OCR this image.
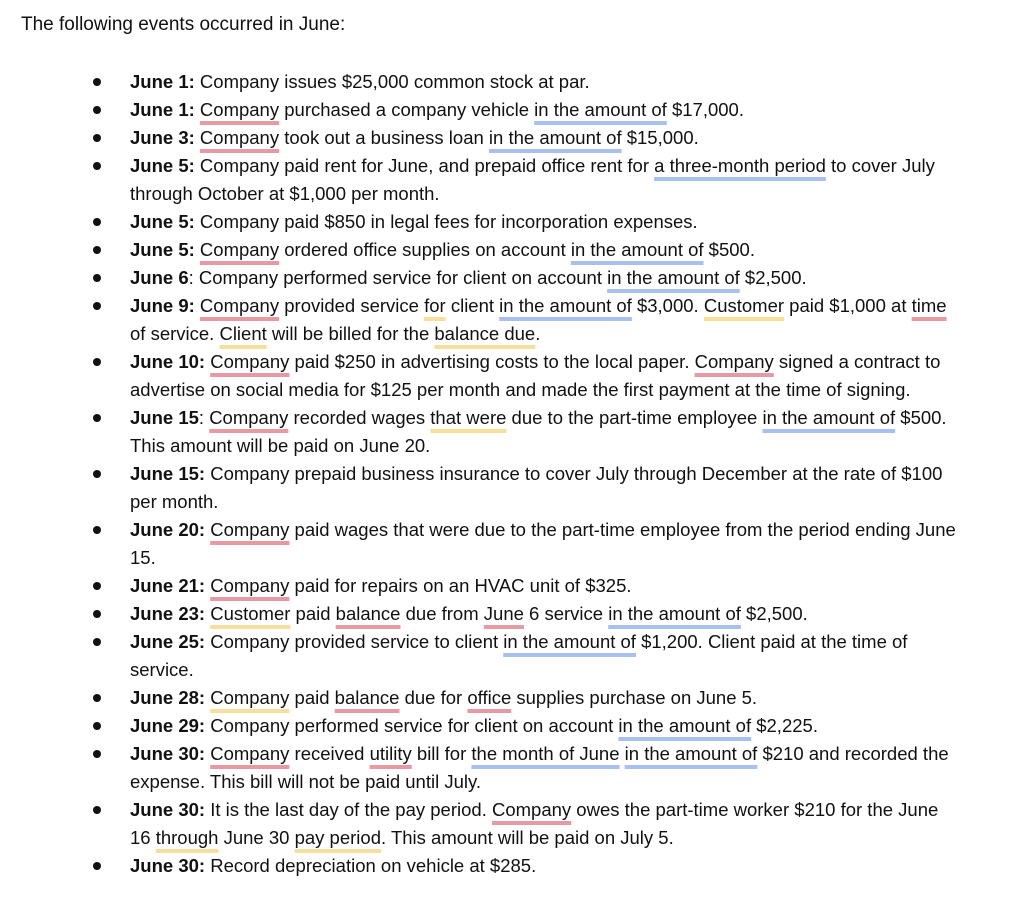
The following events occurred in June:
June 1: Company issues $25,000 common stock at par.
June 1: Company purchased a company vehicle in the amount of $17,000.
June 3: Company took out a business loan in the amount of $15,000.
June 5: Company paid rent for June, and prepaid office rent for a three-month period to cover July through October at $1,000 per month.
June 5: Company paid $850 in legal fees for incorporation expenses.
June 5: Company ordered office supplies on account in the amount of $500.
June 6: Company performed service for client on account in the amount of $2,500.
June 9: Company provided service for client in the amount of $3,000. Customer paid $1,000 at time of service. Client will be billed for the balance due.
June 10: Company paid $250 in advertising costs to the local paper. Company signed a contract to advertise on social media for $125 per month and made the first payment at the time of signing.
June 15: Company recorded wages that were due to the part-time employee in the amount of $500. This amount will be paid on June 20.
June 15: Company prepaid business insurance to cover July through December at the rate of $100 per month.
June 20: Company paid wages that were due to the part-time employee from the period ending June 15.
June 21: Company paid for repairs on an HVAC unit of $325.
June 23: Customer paid balance due from June 6 service in the amount of $2,500.
June 25: Company provided service to client in the amount of $1,200. Client paid at the time of service.
June 28: Company paid balance due for office supplies purchase on June 5.
June 29: Company performed service for client on account in the amount of $2,225.
June 30: Company received utility bill for the month of June in the amount of $210 and recorded the expense. This bill will not be paid until July.
June 30: It is the last day of the pay period. Company owes the part-time worker $210 for the June 16 through June 30 pay period. This amount will be paid on July 5.
June 30: Record depreciation on vehicle at $285.
